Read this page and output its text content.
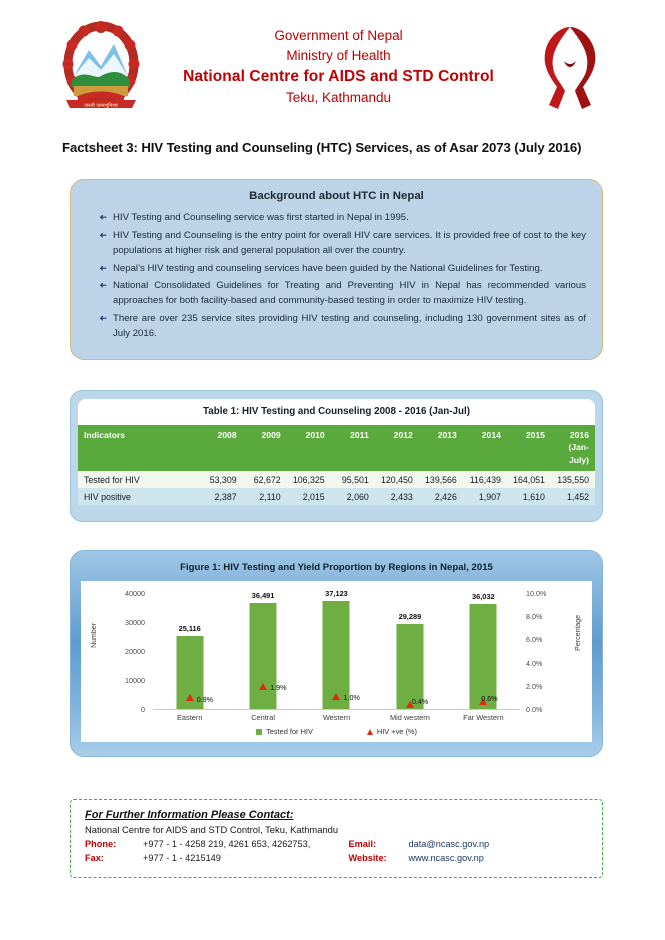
जननी जन्मभूमिश्च
Government of Nepal
Ministry of Health
National Centre for AIDS and STD Control
Teku, Kathmandu
Factsheet 3: HIV Testing and Counseling (HTC) Services, as of Asar 2073 (July 2016)
Background about HTC in Nepal
➜ HIV Testing and Counseling service was first started in Nepal in 1995.
➜ HIV Testing and Counseling is the entry point for overall HIV care services. It is provided free of cost to the key populations at higher risk and general population all over the country.
➜ Nepal’s HIV testing and counseling services have been guided by the National Guidelines for Testing.
➜ National Consolidated Guidelines for Treating and Preventing HIV in Nepal has recommended various approaches for both facility-based and community-based testing in order to maximize HIV testing.
➜ There are over 235 service sites providing HIV testing and counseling, including 130 government sites as of July 2016.
Table 1: HIV Testing and Counseling 2008 - 2016 (Jan-Jul)
Indicators	2008	2009	2010	2011	2012	2013	2014	2015	2016 (Jan-July)
Tested for HIV	53,309	62,672	106,325	95,501	120,450	139,566	116,439	164,051	135,550
HIV positive	2,387	2,110	2,015	2,060	2,433	2,426	1,907	1,610	1,452
Figure 1: HIV Testing and Yield Proportion by Regions in Nepal, 2015
Number	Percentage
40000
30000
20000
10000
0
10.0%
8.0%
6.0%
4.0%
2.0%
0.0%
25,116
0.9%
36,491
1.9%
37,123
1.0%
29,289
0.4%
36,032
0.6%
Eastern	Central	Western	Mid western	Far Western
Tested for HIV	HIV +ve (%)
For Further Information Please Contact:
National Centre for AIDS and STD Control, Teku, Kathmandu
Phone:	+977 - 1 - 4258 219, 4261 653, 4262753,
Fax:	+977 - 1 - 4215149
Email:	data@ncasc.gov.np
Website:	www.ncasc.gov.np
